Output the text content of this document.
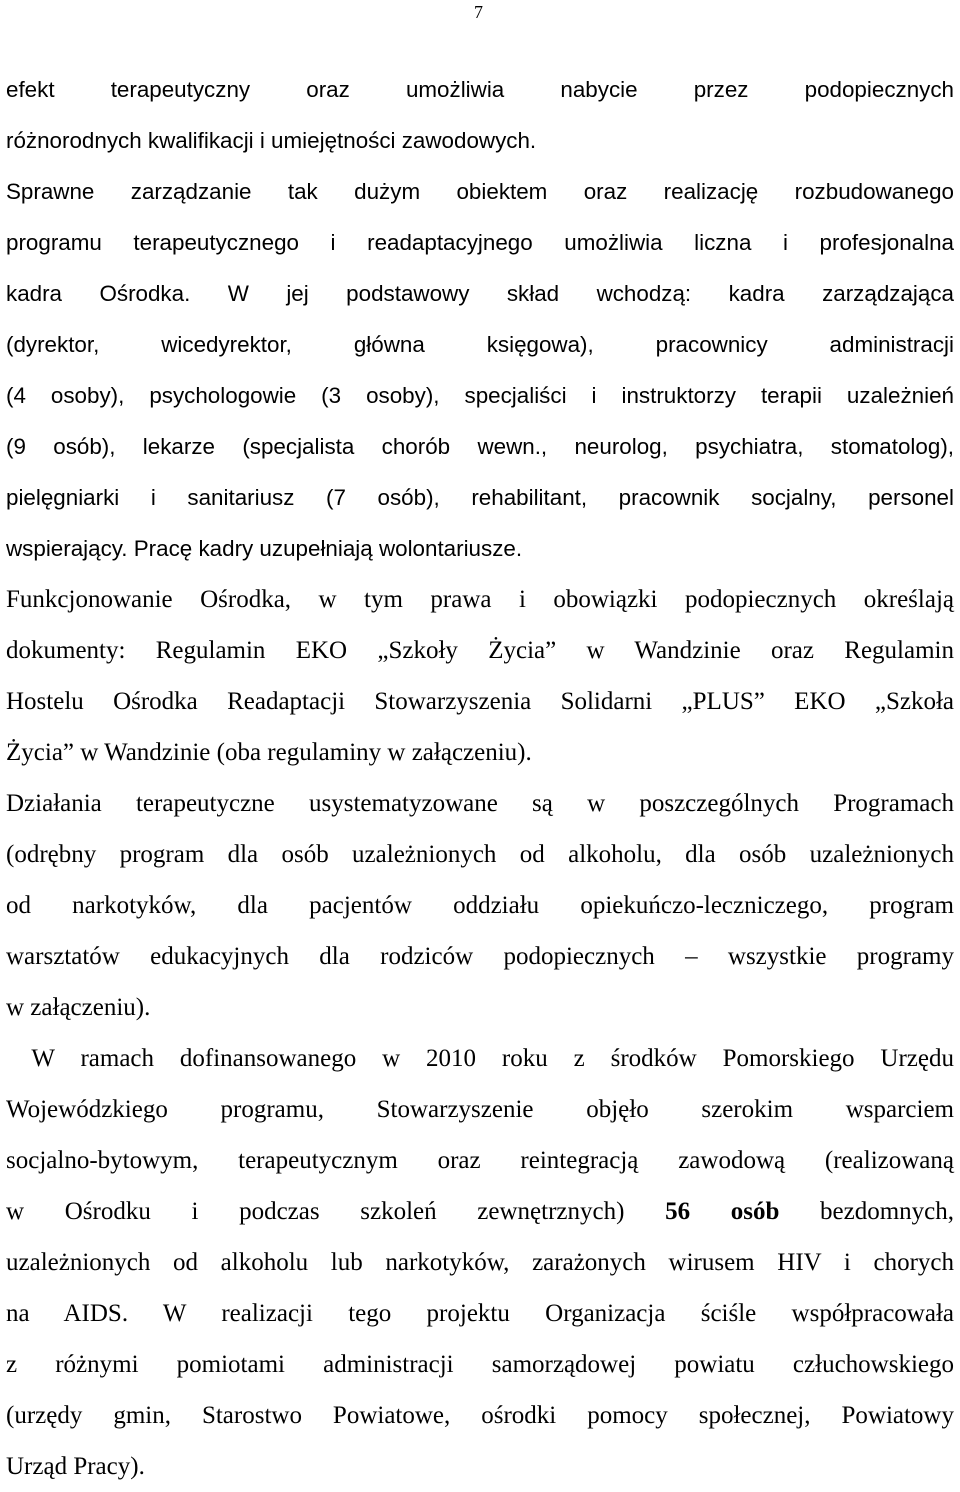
7
efekt terapeutyczny oraz umożliwia nabycie przez podopiecznych
różnorodnych kwalifikacji i umiejętności zawodowych.
Sprawne zarządzanie tak dużym obiektem oraz realizację rozbudowanego
programu terapeutycznego i readaptacyjnego umożliwia liczna i profesjonalna
kadra Ośrodka. W jej podstawowy skład wchodzą: kadra zarządzająca
(dyrektor, wicedyrektor, główna księgowa), pracownicy administracji
(4 osoby), psychologowie (3 osoby), specjaliści i instruktorzy terapii uzależnień
(9 osób), lekarze (specjalista chorób wewn., neurolog, psychiatra, stomatolog),
pielęgniarki i sanitariusz (7 osób), rehabilitant, pracownik socjalny, personel
wspierający. Pracę kadry uzupełniają wolontariusze.
Funkcjonowanie Ośrodka, w tym prawa i obowiązki podopiecznych określają
dokumenty: Regulamin EKO „Szkoły Życia” w Wandzinie oraz Regulamin
Hostelu Ośrodka Readaptacji Stowarzyszenia Solidarni „PLUS” EKO „Szkoła
Życia” w Wandzinie (oba regulaminy w załączeniu).
Działania terapeutyczne usystematyzowane są w poszczególnych Programach
(odrębny program dla osób uzależnionych od alkoholu, dla osób uzależnionych
od narkotyków, dla pacjentów oddziału opiekuńczo-leczniczego, program
warsztatów edukacyjnych dla rodziców podopiecznych – wszystkie programy
w załączeniu).
W ramach dofinansowanego w 2010 roku z środków Pomorskiego Urzędu
Wojewódzkiego programu, Stowarzyszenie objęło szerokim wsparciem
socjalno-bytowym, terapeutycznym oraz reintegracją zawodową (realizowaną
w Ośrodku i podczas szkoleń zewnętrznych) 56 osób bezdomnych,
uzależnionych od alkoholu lub narkotyków, zarażonych wirusem HIV i chorych
na AIDS. W realizacji tego projektu Organizacja ściśle współpracowała
z różnymi pomiotami administracji samorządowej powiatu człuchowskiego
(urzędy gmin, Starostwo Powiatowe, ośrodki pomocy społecznej, Powiatowy
Urząd Pracy).
